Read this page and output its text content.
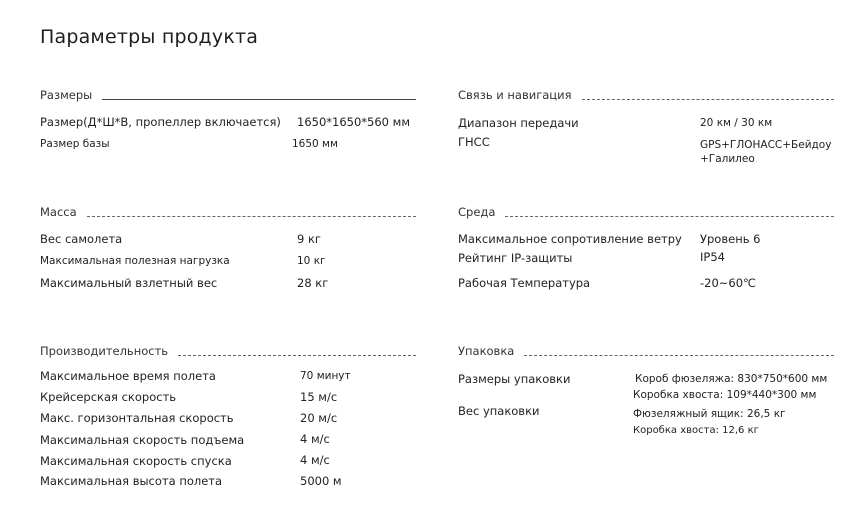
Параметры продукта
Размеры
Размер(Д*Ш*В, пропеллер включается) 1650*1650*560 мм
Размер базы	1650 мм
Связь и навигация
Диапазон передачи	20 км / 30 км
ГНСС	GPS+ГЛОНАСС+Бейдоу
+Галилео
Масса
Вес самолета	9 кг
Максимальная полезная нагрузка	10 кг
Максимальный взлетный вес	28 кг
Среда
Максимальное сопротивление ветру Уровень 6
Рейтинг IP-защиты	IP54
Рабочая Температура	-20~60℃
Производительность
Максимальное время полета	70 минут
Крейсерская скорость	15 м/с
Макс. горизонтальная скорость	20 м/с
Максимальная скорость подъема	4 м/с
Максимальная скорость спуска	4 м/с
Максимальная высота полета	5000 м
Упаковка
Размеры упаковки	Короб фюзеляжа: 830*750*600 мм
Коробка хвоста: 109*440*300 мм
Вес упаковки	Фюзеляжный ящик: 26,5 кг
Коробка хвоста: 12,6 кг
